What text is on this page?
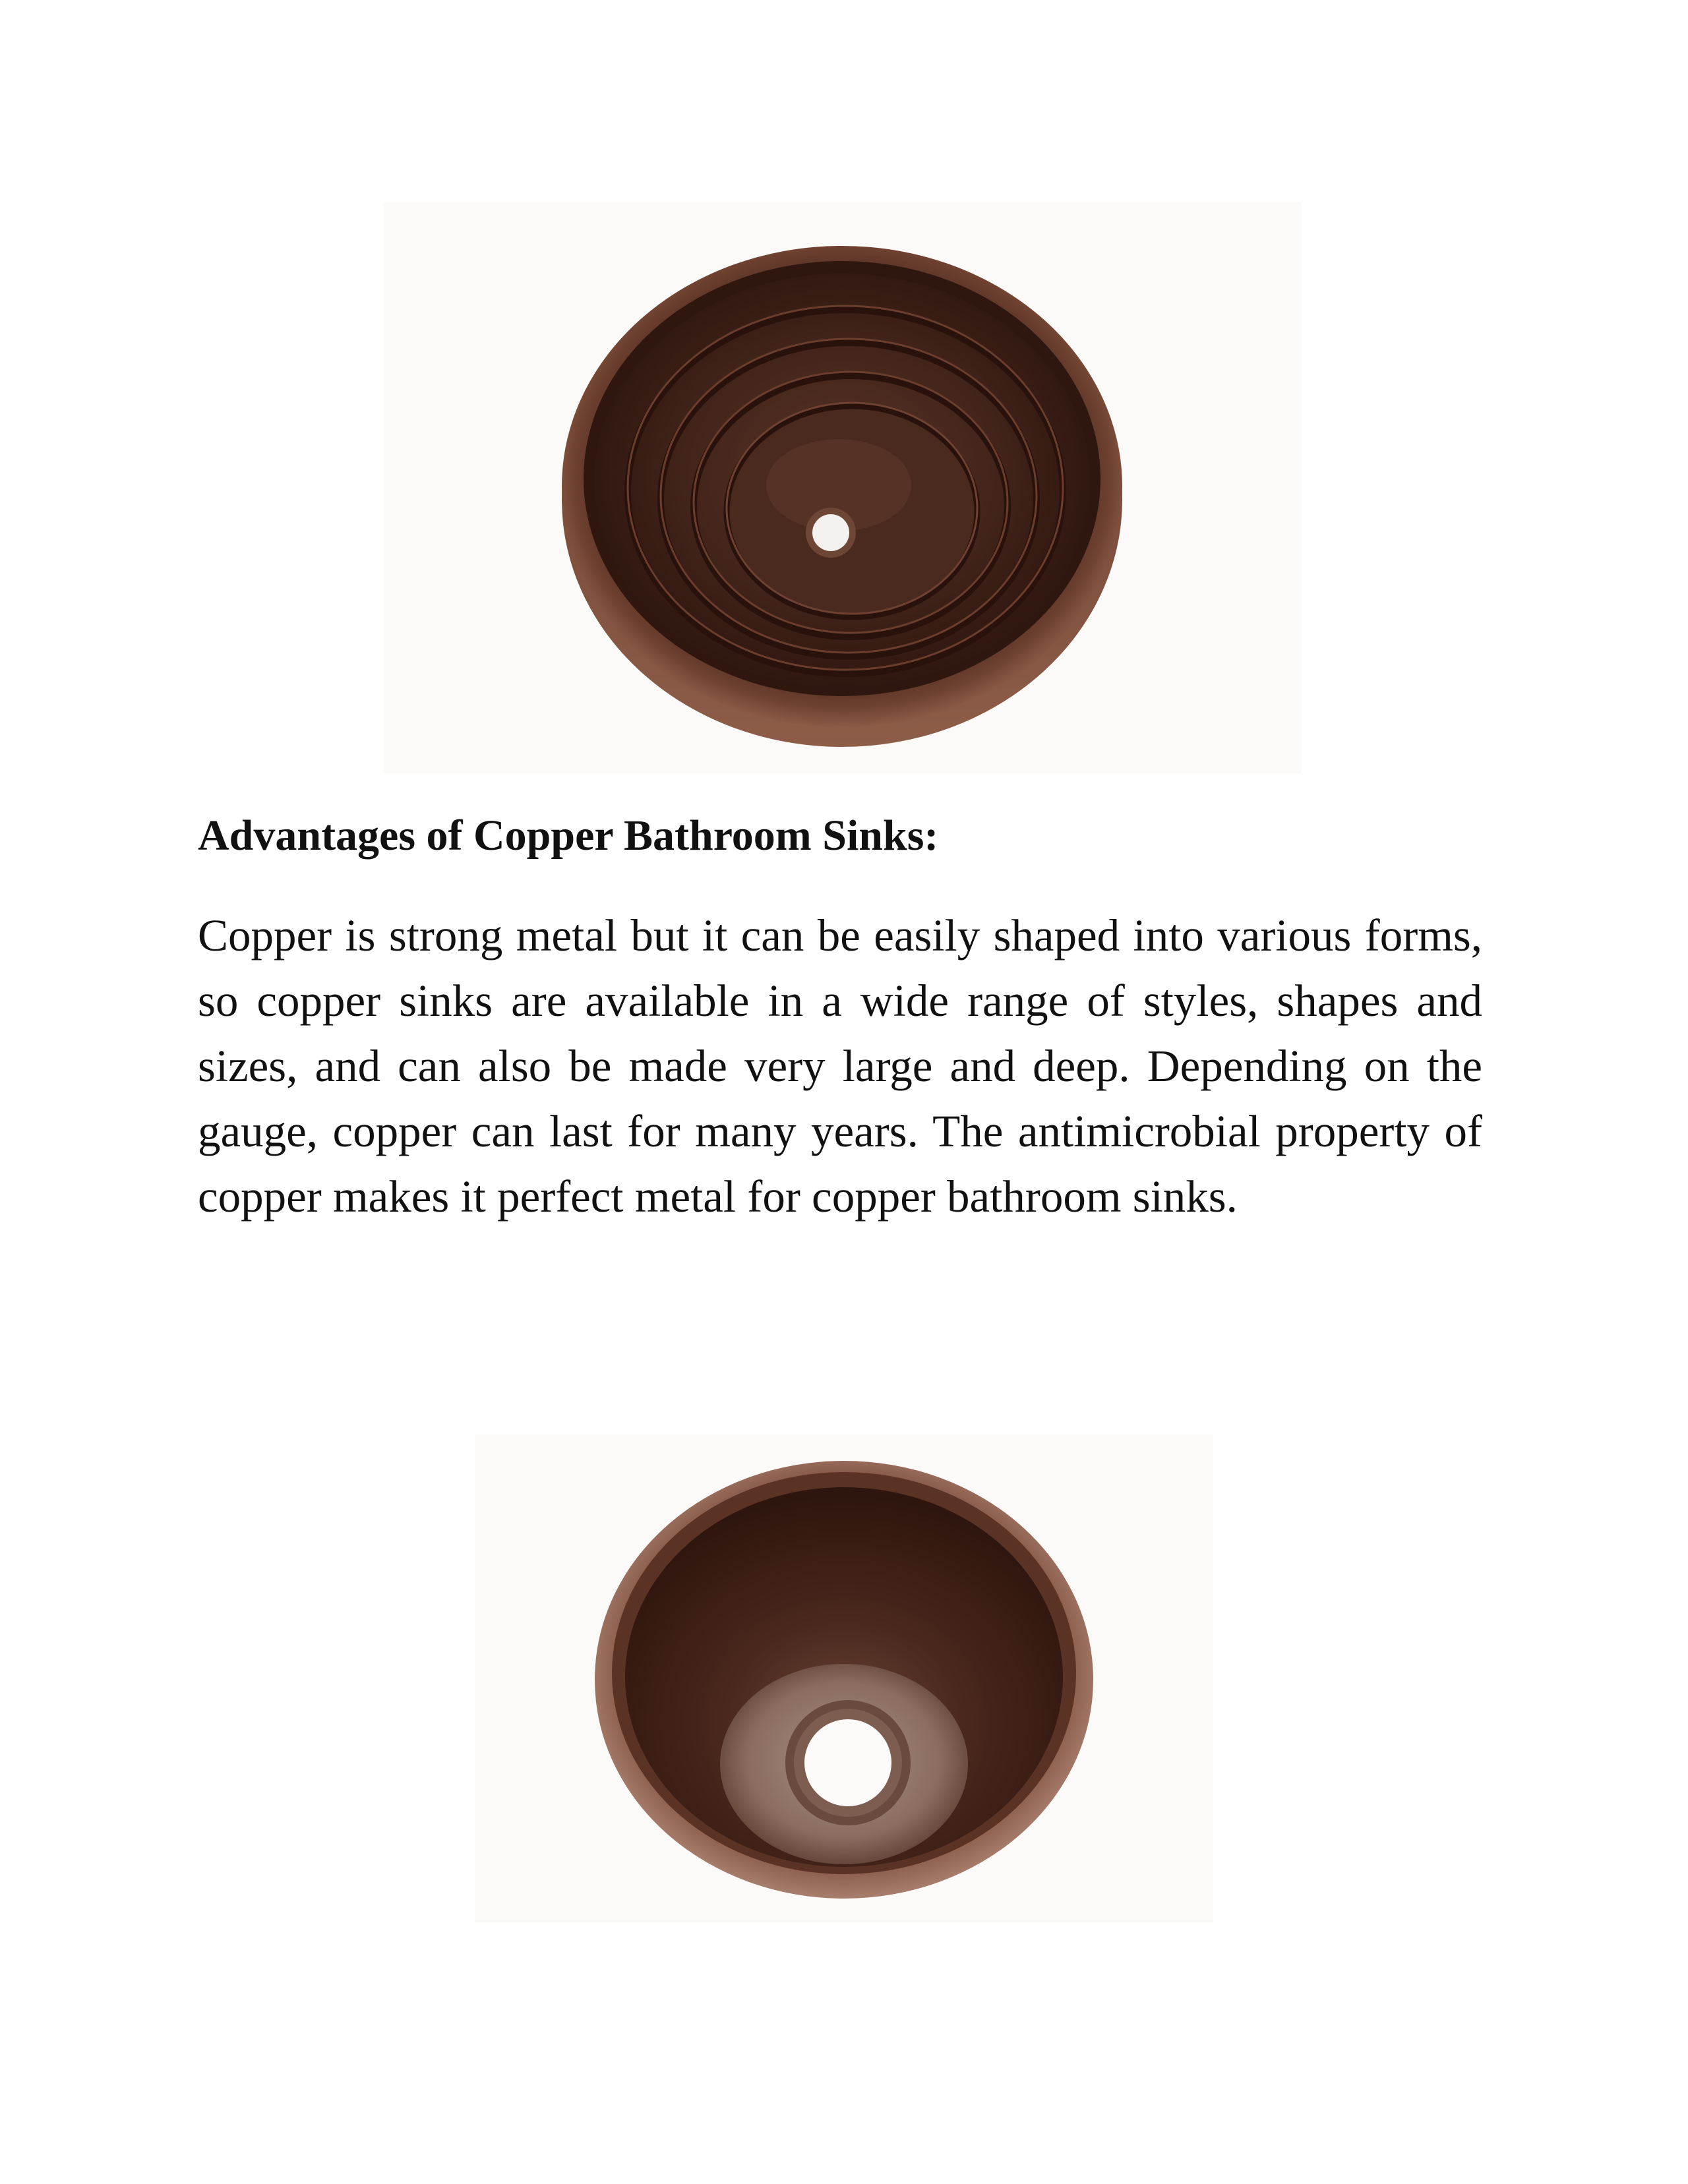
Advantages of Copper Bathroom Sinks:

Copper is strong metal but it can be easily shaped into various forms, so copper sinks are available in a wide range of styles, shapes and sizes, and can also be made very large and deep. Depending on the gauge, copper can last for many years. The antimicrobial property of copper makes it perfect metal for copper bathroom sinks.
